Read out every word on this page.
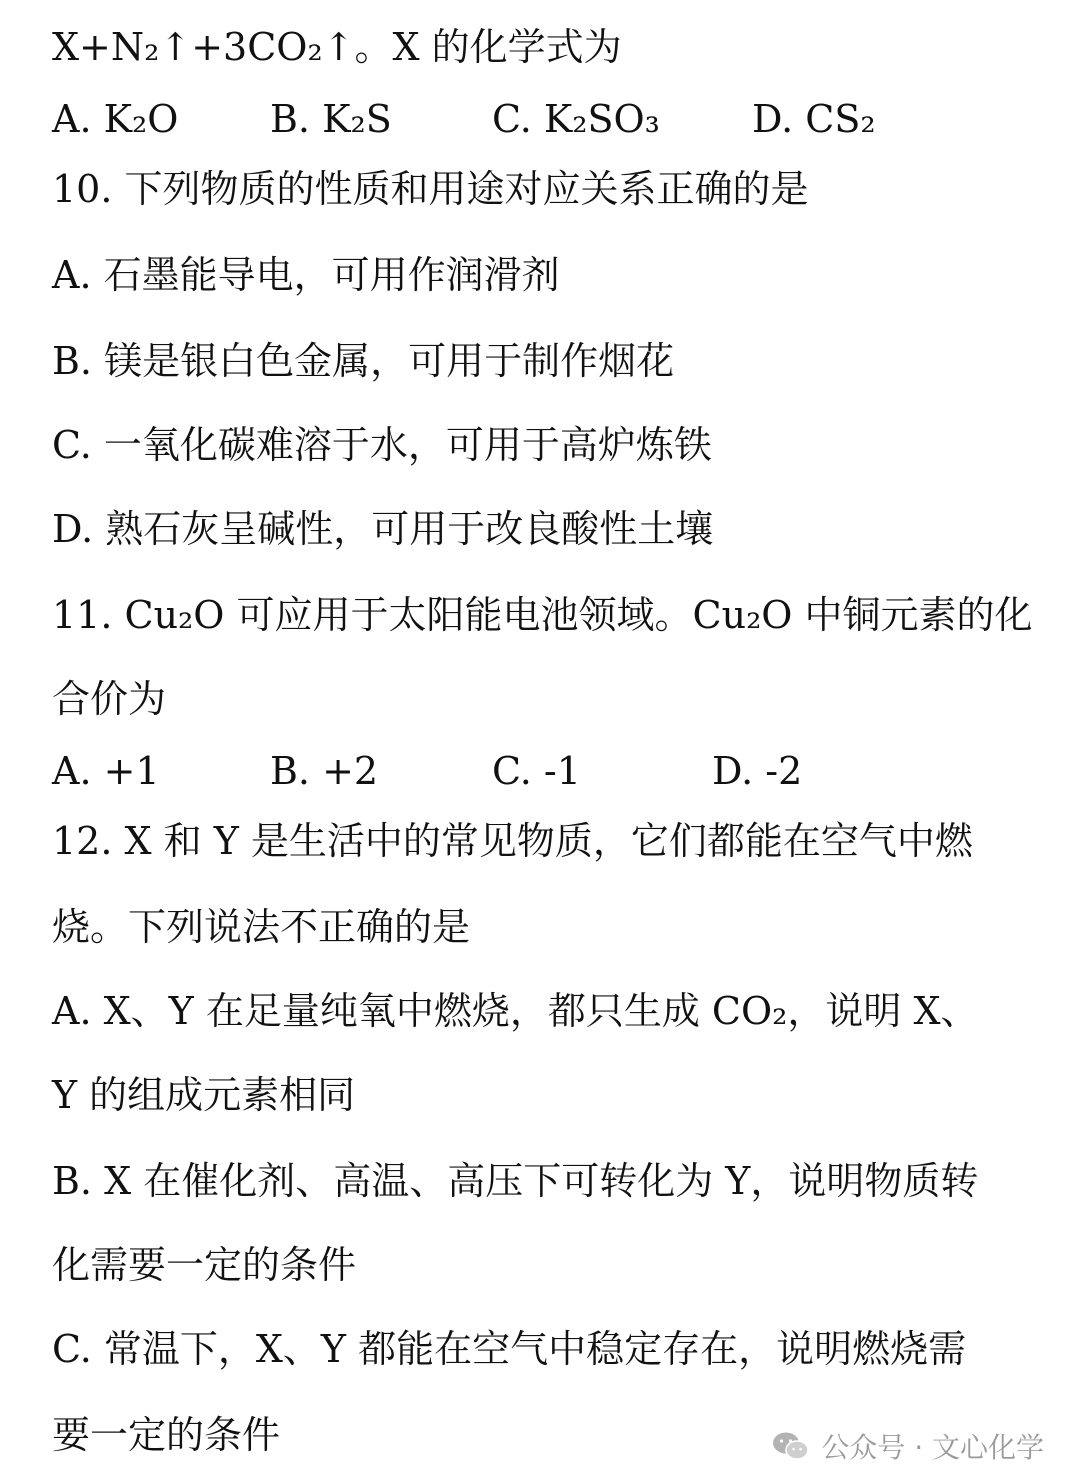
X+N₂↑+3CO₂↑。X 的化学式为
A. K₂O B. K₂S	C. K₂SO₃ D. CS₂
10. 下列物质的性质和用途对应关系正确的是
A. 石墨能导电，可用作润滑剂
B. 镁是银白色金属，可用于制作烟花
C. 一氧化碳难溶于水，可用于高炉炼铁
D. 熟石灰呈碱性，可用于改良酸性土壤
11. Cu₂O 可应用于太阳能电池领域。Cu₂O 中铜元素的化
合价为
A. +1	B. +2	C. -1	D. -2
12. X 和 Y 是生活中的常见物质，它们都能在空气中燃
烧。下列说法不正确的是
A. X、Y 在足量纯氧中燃烧，都只生成 CO₂，说明 X、
Y 的组成元素相同
B. X 在催化剂、高温、高压下可转化为 Y，说明物质转
化需要一定的条件
C. 常温下，X、Y 都能在空气中稳定存在，说明燃烧需
要一定的条件	公众号 · 文心化学
